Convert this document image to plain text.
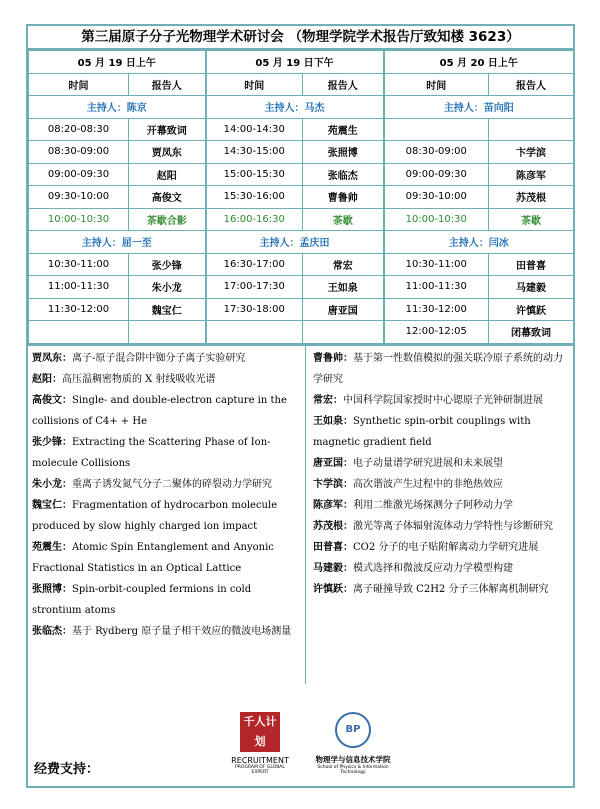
第三届原子分子光物理学术研讨会 （物理学院学术报告厅致知楼 3623）
05 月 19 日上午		05 月 19 日下午		05 月 20 日上午	
时间	报告人	时间	报告人	时间	报告人
主持人：陈京		主持人：马杰		主持人：苗向阳	
08:20-08:30	开幕致词	14:00-14:30	苑震生		
08:30-09:00	贾凤东	14:30-15:00	张照博	08:30-09:00	卞学滨
09:00-09:30	赵阳	15:00-15:30	张临杰	09:00-09:30	陈彦军
09:30-10:00	高俊文	15:30-16:00	曹鲁帅	09:30-10:00	苏茂根
10:00-10:30	茶歇合影	16:00-16:30	茶歇	10:00-10:30	茶歇
主持人：屈一至		主持人：孟庆田		主持人：闫冰	
10:30-11:00	张少锋	16:30-17:00	常宏	10:30-11:00	田普喜
11:00-11:30	朱小龙	17:00-17:30	王如泉	11:00-11:30	马建毅
11:30-12:00	魏宝仁	17:30-18:00	唐亚国	11:30-12:00	许慎跃
				12:00-12:05	闭幕致词

贾凤东：离子-原子混合阱中铷分子离子实验研究

赵阳：高压温稠密物质的 X 射线吸收光谱

高俊文：Single- and double-electron capture in the collisions of C4+ + He

张少锋：Extracting the Scattering Phase of Ion-molecule Collisions

朱小龙：重离子诱发氮气分子二聚体的碎裂动力学研究

魏宝仁：Fragmentation of hydrocarbon molecule produced by slow highly charged ion impact

苑震生：Atomic Spin Entanglement and Anyonic Fractional Statistics in an Optical Lattice

张照博：Spin-orbit-coupled fermions in cold strontium atoms

张临杰：基于 Rydberg 原子量子相干效应的微波电场测量

曹鲁帅：基于第一性数值模拟的强关联冷原子系统的动力学研究

常宏：中国科学院国家授时中心锶原子光钟研制进展

王如泉：Synthetic spin-orbit couplings with magnetic gradient field

唐亚国：电子动量谱学研究进展和未来展望

卞学滨：高次谐波产生过程中的非绝热效应

陈彦军：利用二维激光场探测分子阿秒动力学

苏茂根：激光等离子体辐射流体动力学特性与诊断研究

田普喜：CO2 分子的电子贴附解离动力学研究进展

马建毅：模式选择和微波反应动力学模型构建

许慎跃：离子碰撞导致 C2H2 分子三体解离机制研究

经费支持：
千人计划
RECRUITMENT
PROGRAM OF GLOBAL EXPERT
BP
物理学与信息技术学院
School of Physics & Information Technology
